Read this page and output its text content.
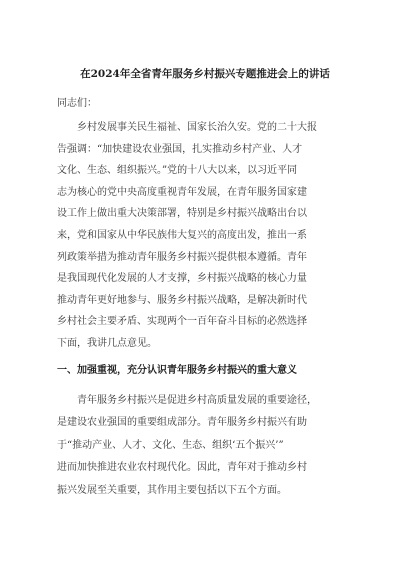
在2024年全省青年服务乡村振兴专题推进会上的讲话
同志们：
　　乡村发展事关民生福祉、国家长治久安。党的二十大报
告强调：“加快建设农业强国，扎实推动乡村产业、人才
文化、生态、组织振兴。”党的十八大以来，以习近平同
志为核心的党中央高度重视青年发展，在青年服务国家建
设工作上做出重大决策部署，特别是乡村振兴战略出台以
来，党和国家从中华民族伟大复兴的高度出发，推出一系
列政策举措为推动青年服务乡村振兴提供根本遵循。青年
是我国现代化发展的人才支撑，乡村振兴战略的核心力量
推动青年更好地参与、服务乡村振兴战略，是解决新时代
乡村社会主要矛盾、实现两个一百年奋斗目标的必然选择
下面，我讲几点意见。
一、加强重视，充分认识青年服务乡村振兴的重大意义
　　青年服务乡村振兴是促进乡村高质量发展的重要途径，
是建设农业强国的重要组成部分。青年服务乡村振兴有助
于“推动产业、人才、文化、生态、组织‘五个振兴’”
进而加快推进农业农村现代化。因此，青年对于推动乡村
振兴发展至关重要，其作用主要包括以下五个方面。
